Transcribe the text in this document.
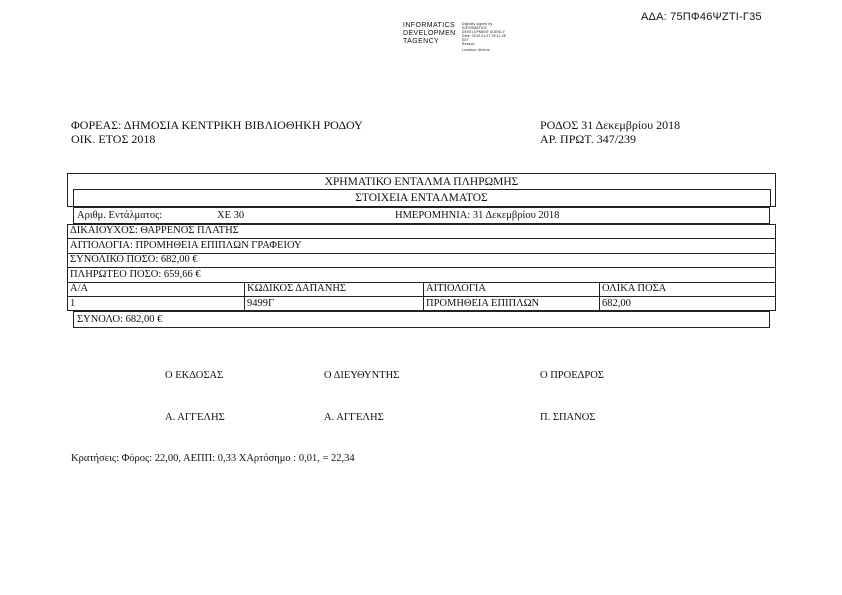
ΑΔΑ: 75ΠΦ46ΨΖΤΙ-Γ35
INFORMATICS
DEVELOPMEN
TAGENCY
Digitally signed by
INFORMATICS
DEVELOPMENT AGENCY
Date: 2019.01.07 09:11:28
EET
Reason:
Location: Athens
ΦΟΡΕΑΣ: ΔΗΜΟΣΙΑ ΚΕΝΤΡΙΚΗ ΒΙΒΛΙΟΘΗΚΗ ΡΟΔΟΥ
ΟΙΚ. ΕΤΟΣ 2018
ΡΟΔΟΣ 31 Δεκεμβρίου 2018
ΑΡ. ΠΡΩΤ. 347/239
ΧΡΗΜΑΤΙΚΟ ΕΝΤΑΛΜΑ ΠΛΗΡΩΜΗΣ
ΣΤΟΙΧΕΙΑ ΕΝΤΑΛΜΑΤΟΣ
Αριθμ. Εντάλματος:	ΧΕ 30	ΗΜΕΡΟΜΗΝΙΑ: 31 Δεκεμβρίου 2018
ΔΙΚΑΙΟΥΧΟΣ: ΘΑΡΡΕΝΟΣ ΠΛΑΤΗΣ
ΑΙΤΙΟΛΟΓΙΑ: ΠΡΟΜΗΘΕΙΑ ΕΠΙΠΛΩΝ ΓΡΑΦΕΙΟΥ
ΣΥΝΟΛΙΚΟ ΠΟΣΟ: 682,00 €
ΠΛΗΡΩΤΕΟ ΠΟΣΟ: 659,66 €
Α/Α	ΚΩΔΙΚΟΣ ΔΑΠΑΝΗΣ	ΑΙΤΙΟΛΟΓΙΑ	ΟΛΙΚΑ ΠΟΣΑ
1	9499Γ	ΠΡΟΜΗΘΕΙΑ ΕΠΙΠΛΩΝ	682,00
ΣΥΝΟΛΟ: 682,00 €
Ο ΕΚΔΟΣΑΣ	Ο ΔΙΕΥΘΥΝΤΗΣ	Ο ΠΡΟΕΔΡΟΣ
Α. ΑΓΓΕΛΗΣ	Α. ΑΓΓΕΛΗΣ	Π. ΣΠΑΝΟΣ
Κρατήσεις: Φόρος: 22,00, ΑΕΠΠ: 0,33 ΧΑρτόσημο : 0,01, = 22,34
